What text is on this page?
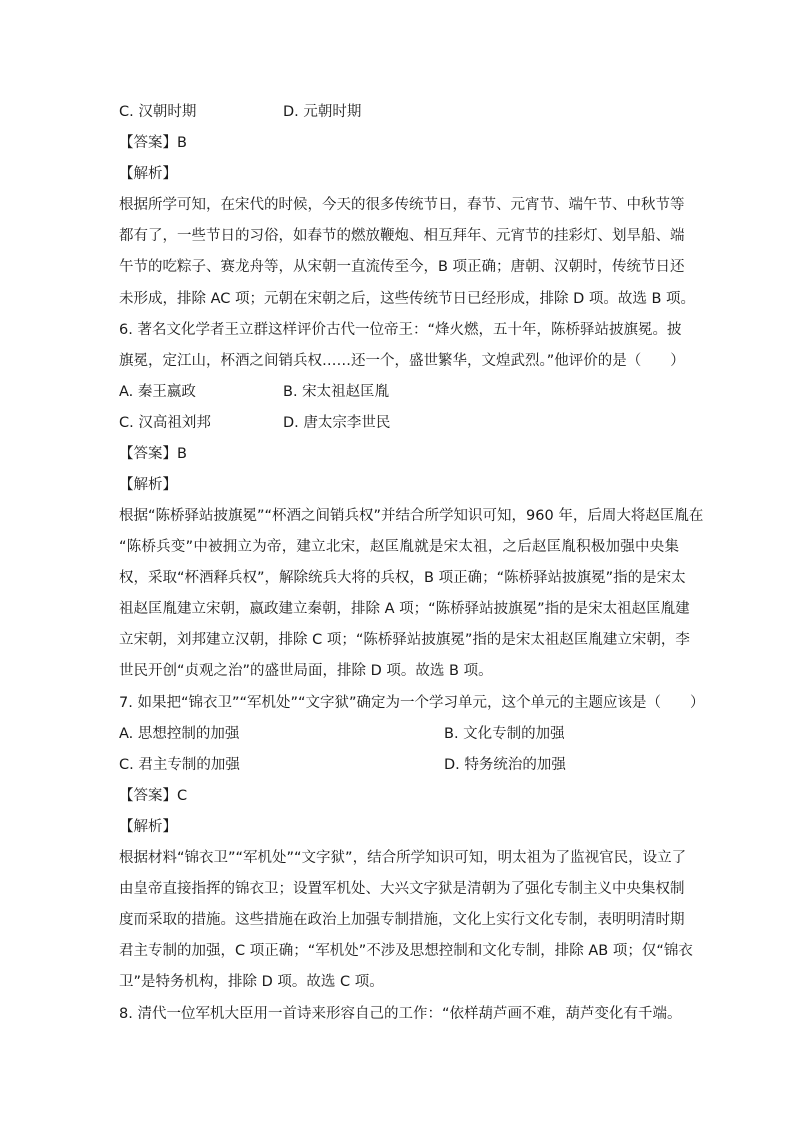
C. 汉朝时期	D. 元朝时期
【答案】B
【解析】
根据所学可知，在宋代的时候，今天的很多传统节日，春节、元宵节、端午节、中秋节等
都有了，一些节日的习俗，如春节的燃放鞭炮、相互拜年、元宵节的挂彩灯、划旱船、端
午节的吃粽子、赛龙舟等，从宋朝一直流传至今，B 项正确；唐朝、汉朝时，传统节日还
未形成，排除 AC 项；元朝在宋朝之后，这些传统节日已经形成，排除 D 项。故选 B 项。
6. 著名文化学者王立群这样评价古代一位帝王：“烽火燃，五十年，陈桥驿站披旗冕。披
旗冕，定江山，杯酒之间销兵权……还一个，盛世繁华，文煌武烈。”他评价的是（　　）
A. 秦王嬴政	B. 宋太祖赵匡胤
C. 汉高祖刘邦	D. 唐太宗李世民
【答案】B
【解析】
根据“陈桥驿站披旗冕”“杯酒之间销兵权”并结合所学知识可知，960 年，后周大将赵匡胤在
“陈桥兵变”中被拥立为帝，建立北宋，赵匡胤就是宋太祖，之后赵匡胤积极加强中央集
权，采取“杯酒释兵权”，解除统兵大将的兵权，B 项正确；“陈桥驿站披旗冕”指的是宋太
祖赵匡胤建立宋朝，嬴政建立秦朝，排除 A 项；“陈桥驿站披旗冕”指的是宋太祖赵匡胤建
立宋朝，刘邦建立汉朝，排除 C 项；“陈桥驿站披旗冕”指的是宋太祖赵匡胤建立宋朝，李
世民开创“贞观之治”的盛世局面，排除 D 项。故选 B 项。
7. 如果把“锦衣卫”“军机处”“文字狱”确定为一个学习单元，这个单元的主题应该是（　　）
A. 思想控制的加强	B. 文化专制的加强
C. 君主专制的加强	D. 特务统治的加强
【答案】C
【解析】
根据材料“锦衣卫”“军机处”“文字狱”，结合所学知识可知，明太祖为了监视官民，设立了
由皇帝直接指挥的锦衣卫；设置军机处、大兴文字狱是清朝为了强化专制主义中央集权制
度而采取的措施。这些措施在政治上加强专制措施，文化上实行文化专制，表明明清时期
君主专制的加强，C 项正确；“军机处”不涉及思想控制和文化专制，排除 AB 项；仅“锦衣
卫”是特务机构，排除 D 项。故选 C 项。
8. 清代一位军机大臣用一首诗来形容自己的工作：“依样葫芦画不难，葫芦变化有千端。
